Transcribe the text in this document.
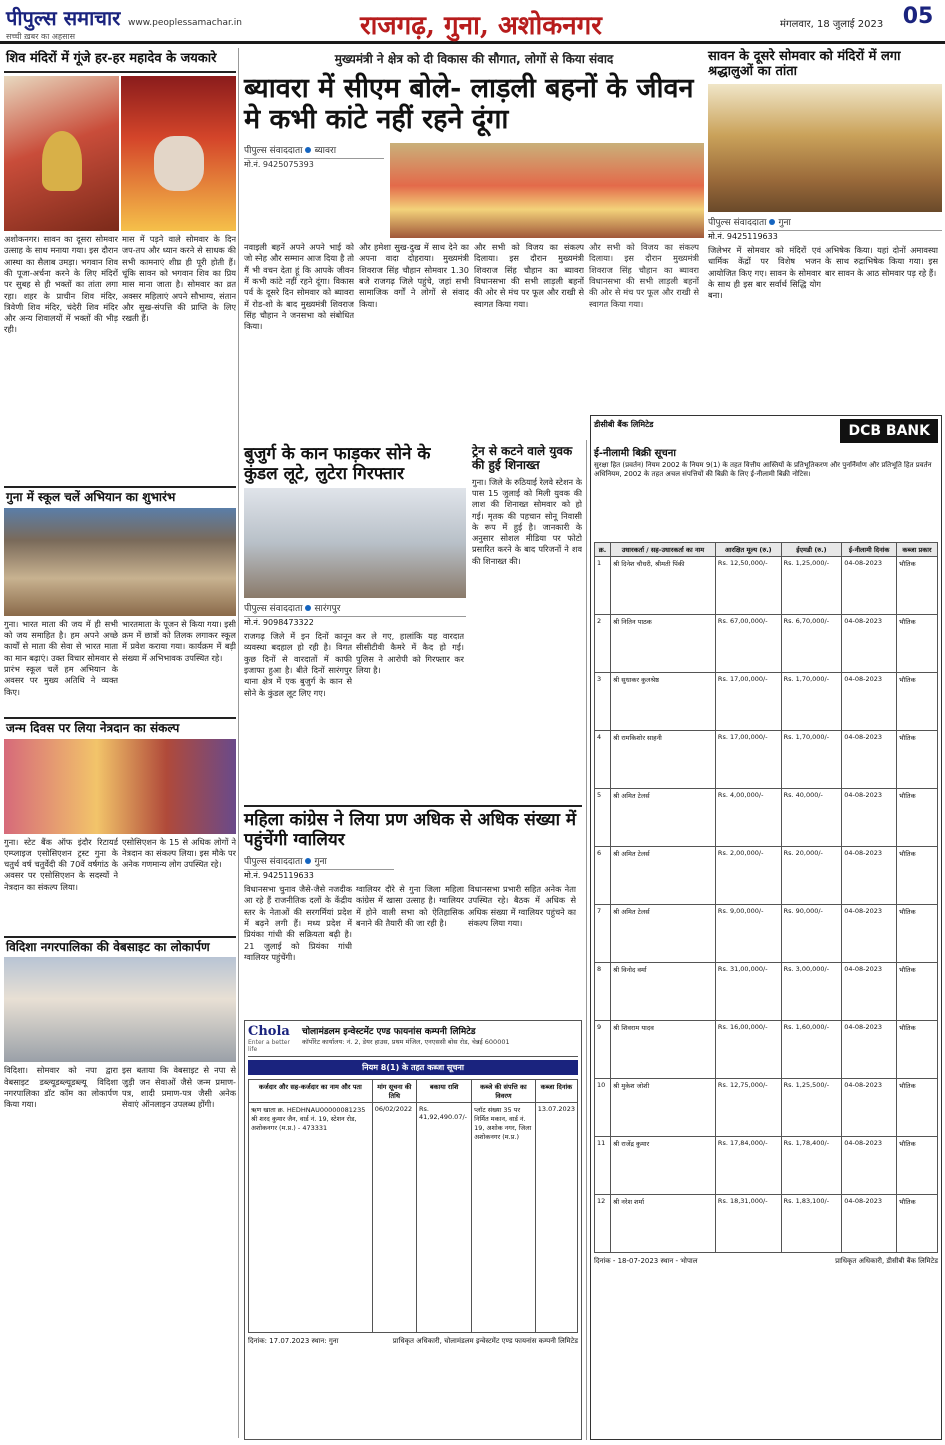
पीपुल्स समाचार
सच्ची ख़बर का अहसास
www.peoplessamachar.in	राजगढ़, गुना, अशोकनगर	मंगलवार, 18 जुलाई 2023 05
शिव मंदिरों में गूंजे हर-हर महादेव के जयकारे
अशोकनगर। सावन का दूसरा सोमवार उत्साह के साथ मनाया गया। इस दौरान आस्था का सैलाब उमड़ा। भगवान शिव की पूजा-अर्चना करने के लिए मंदिरों पर सुबह से ही भक्तों का तांता लगा रहा। शहर के प्राचीन शिव मंदिर, त्रिवेणी शिव मंदिर, चंदेरी शिव मंदिर और अन्य शिवालयों में भक्तों की भीड़ रही।
मास में पड़ने वाले सोमवार के दिन जप-तप और ध्यान करने से साधक की सभी कामनाएं शीघ्र ही पूरी होती हैं। चूंकि सावन को भगवान शिव का प्रिय मास माना जाता है। सोमवार का व्रत अक्सर महिलाएं अपने सौभाग्य, संतान और सुख-संपत्ति की प्राप्ति के लिए रखती हैं।
गुना में स्कूल चलें अभियान का शुभारंभ
गुना। भारत माता की जय में ही सभी को जय समाहित है। हम अपने अच्छे कार्यों से माता की सेवा से भारत माता का मान बढ़ाएं। उक्त विचार सोमवार से प्रारंभ स्कूल चलें हम अभियान के अवसर पर मुख्य अतिथि ने व्यक्त किए।
भारतमाता के पूजन से किया गया। इसी क्रम में छात्रों को तिलक लगाकर स्कूल में प्रवेश कराया गया। कार्यक्रम में बड़ी संख्या में अभिभावक उपस्थित रहे।
जन्म दिवस पर लिया नेत्रदान का संकल्प
गुना। स्टेट बैंक ऑफ इंदौर रिटायर्ड एम्प्लाइज एसोसिएशन ट्रस्ट गुना के चतुर्थ वर्ष चतुर्वेदी की 70वें वर्षगांठ के अवसर पर एसोसिएशन के सदस्यों ने नेत्रदान का संकल्प लिया।
एसोसिएशन के 15 से अधिक लोगों ने नेत्रदान का संकल्प लिया। इस मौके पर अनेक गणमान्य लोग उपस्थित रहे।
विदिशा नगरपालिका की वेबसाइट का लोकार्पण
विदिशा। सोमवार को नपा द्वारा वेबसाइट डब्ल्यूडब्ल्यूडब्ल्यू विदिशा नगरपालिका डॉट कॉम का लोकार्पण किया गया।
इस बताया कि वेबसाइट से नपा से जुड़ी जन सेवाओं जैसे जन्म प्रमाण-पत्र, शादी प्रमाण-पत्र जैसी अनेक सेवाएं ऑनलाइन उपलब्ध होंगी।
मुख्यमंत्री ने क्षेत्र को दी विकास की सौगात, लोगों से किया संवाद
ब्यावरा में सीएम बोले- लाड़ली बहनों के जीवन मे कभी कांटे नहीं रहने दूंगा
पीपुल्स संवाददाता ब्यावरा
मो.नं. 9425075393
नवाइली बहनें अपने अपने भाई को जो स्नेह और सम्मान आज दिया है तो मैं भी वचन देता हूं कि आपके जीवन में कभी कांटे नहीं रहने दूंगा। विकास पर्व के दूसरे दिन सोमवार को ब्यावरा में रोड-शो के बाद मुख्यमंत्री शिवराज सिंह चौहान ने जनसभा को संबोधित किया।
और हमेशा सुख-दुख में साथ देने का अपना वादा दोहराया। मुख्यमंत्री शिवराज सिंह चौहान सोमवार 1.30 बजे राजगढ़ जिले पहुंचे, जहां सभी सामाजिक वर्गों ने लोगों से संवाद किया।
और सभी को विजय का संकल्प दिलाया। इस दौरान मुख्यमंत्री शिवराज सिंह चौहान का ब्यावरा विधानसभा की सभी लाड़ली बहनों की ओर से मंच पर फूल और राखी से स्वागत किया गया।
और सभी को विजय का संकल्प दिलाया। इस दौरान मुख्यमंत्री शिवराज सिंह चौहान का ब्यावरा विधानसभा की सभी लाड़ली बहनों की ओर से मंच पर फूल और राखी से स्वागत किया गया।
सावन के दूसरे सोमवार को मंदिरों में लगा श्रद्धालुओं का तांता
पीपुल्स संवाददाता गुना
मो.नं. 9425119633
जिलेभर में सोमवार को मंदिरों एवं धार्मिक केंद्रों पर विशेष भजन आयोजित किए गए। सावन के सोमवार के साथ ही इस बार सर्वार्थ सिद्धि योग बना।
अभिषेक किया। यहां दोनों अमावस्या के साथ रुद्राभिषेक किया गया। इस बार सावन के आठ सोमवार पड़ रहे हैं।
बुजुर्ग के कान फाड़कर सोने के कुंडल लूटे, लुटेरा गिरफ्तार
पीपुल्स संवाददाता सारंगपुर
मो.नं. 9098473322
राजगढ़ जिले में इन दिनों कानून व्यवस्था बदहाल हो रही है। विगत कुछ दिनों से वारदातों में काफी इजाफा हुआ है। बीते दिनों सारंगपुर थाना क्षेत्र में एक बुजुर्ग के कान से सोने के कुंडल लूट लिए गए।
कर ले गए, हालांकि यह वारदात सीसीटीवी कैमरे में कैद हो गई। पुलिस ने आरोपी को गिरफ्तार कर लिया है।
ट्रेन से कटने वाले युवक की हुई शिनाख्त
गुना। जिले के रुठियाई रेलवे स्टेशन के पास 15 जुलाई को मिली युवक की लाश की शिनाख्त सोमवार को हो गई। मृतक की पहचान सोनू निवासी के रूप में हुई है। जानकारी के अनुसार सोशल मीडिया पर फोटो प्रसारित करने के बाद परिजनों ने शव की शिनाख्त की।
महिला कांग्रेस ने लिया प्रण अधिक से अधिक संख्या में पहुंचेंगी ग्वालियर
पीपुल्स संवाददाता गुना
मो.नं. 9425119633
विधानसभा चुनाव जैसे-जैसे नजदीक आ रहे हैं राजनीतिक दलों के केंद्रीय स्तर के नेताओं की सरगर्मियां प्रदेश में बढ़ने लगी हैं। मध्य प्रदेश में प्रियंका गांधी की सक्रियता बढ़ी है। 21 जुलाई को प्रियंका गांधी ग्वालियर पहुंचेंगी।
ग्वालियर दौरे से गुना जिला महिला कांग्रेस में खासा उत्साह है। ग्वालियर में होने वाली सभा को ऐतिहासिक बनाने की तैयारी की जा रही है।
विधानसभा प्रभारी सहित अनेक नेता उपस्थित रहे। बैठक में अधिक से अधिक संख्या में ग्वालियर पहुंचने का संकल्प लिया गया।
Chola
Enter a better life
चोलामंडलम इन्वेस्टमेंट एण्ड फायनांस कम्पनी लिमिटेड
कॉर्पोरेट कार्यालय: नं. 2, डेयर हाउस, प्रथम मंजिल, एनएससी बोस रोड, चेन्नई 600001
नियम 8(1) के तहत कब्जा सूचना
कर्जदार और सह-कर्जदार का नाम और पता	मांग सूचना की तिथि	बकाया राशि	कब्जे की संपत्ति का विवरण	कब्जा दिनांक
ऋण खाता क्र. HEDHNAU00000081235 श्री शरद कुमार जैन, वार्ड नं. 19, स्टेशन रोड, अशोकनगर (म.प्र.) - 473331	06/02/2022	Rs. 41,92,490.07/-	प्लॉट संख्या 35 पर निर्मित मकान, वार्ड नं. 19, अशोक नगर, जिला अशोकनगर (म.प्र.)	13.07.2023
दिनांक: 17.07.2023 स्थान: गुना	प्राधिकृत अधिकारी, चोलामंडलम इन्वेस्टमेंट एण्ड फायनांस कम्पनी लिमिटेड
डीसीबी बैंक लिमिटेड	DCB BANK
ई-नीलामी बिक्री सूचना
सुरक्षा हित (प्रवर्तन) नियम 2002 के नियम 9(1) के तहत वित्तीय आस्तियों के प्रतिभूतिकरण और पुनर्निर्माण और प्रतिभूति हित प्रवर्तन अधिनियम, 2002 के तहत अचल संपत्तियों की बिक्री के लिए ई-नीलामी बिक्री नोटिस।
क्र.	उधारकर्ता / सह-उधारकर्ता का नाम	आरक्षित मूल्य (रु.)	ईएमडी (रु.)	ई-नीलामी दिनांक	कब्जा प्रकार
1	श्री दिनेश चौधरी, श्रीमती पिंकी	Rs. 12,50,000/-	Rs. 1,25,000/-	04-08-2023	भौतिक
2	श्री नितिन पाठक	Rs. 67,00,000/-	Rs. 6,70,000/-	04-08-2023	भौतिक
3	श्री सुधाकर कुलश्रेष्ठ	Rs. 17,00,000/-	Rs. 1,70,000/-	04-08-2023	भौतिक
4	श्री रामकिशोर साहनी	Rs. 17,00,000/-	Rs. 1,70,000/-	04-08-2023	भौतिक
5	श्री अमित टेलर्स	Rs. 4,00,000/-	Rs. 40,000/-	04-08-2023	भौतिक
6	श्री अमित टेलर्स	Rs. 2,00,000/-	Rs. 20,000/-	04-08-2023	भौतिक
7	श्री अमित टेलर्स	Rs. 9,00,000/-	Rs. 90,000/-	04-08-2023	भौतिक
8	श्री विनोद वर्मा	Rs. 31,00,000/-	Rs. 3,00,000/-	04-08-2023	भौतिक
9	श्री शिवराम यादव	Rs. 16,00,000/-	Rs. 1,60,000/-	04-08-2023	भौतिक
10	श्री मुकेश जोशी	Rs. 12,75,000/-	Rs. 1,25,500/-	04-08-2023	भौतिक
11	श्री राजेंद्र कुमार	Rs. 17,84,000/-	Rs. 1,78,400/-	04-08-2023	भौतिक
12	श्री नरेश शर्मा	Rs. 18,31,000/-	Rs. 1,83,100/-	04-08-2023	भौतिक
दिनांक - 18-07-2023 स्थान - भोपाल	प्राधिकृत अधिकारी, डीसीबी बैंक लिमिटेड
